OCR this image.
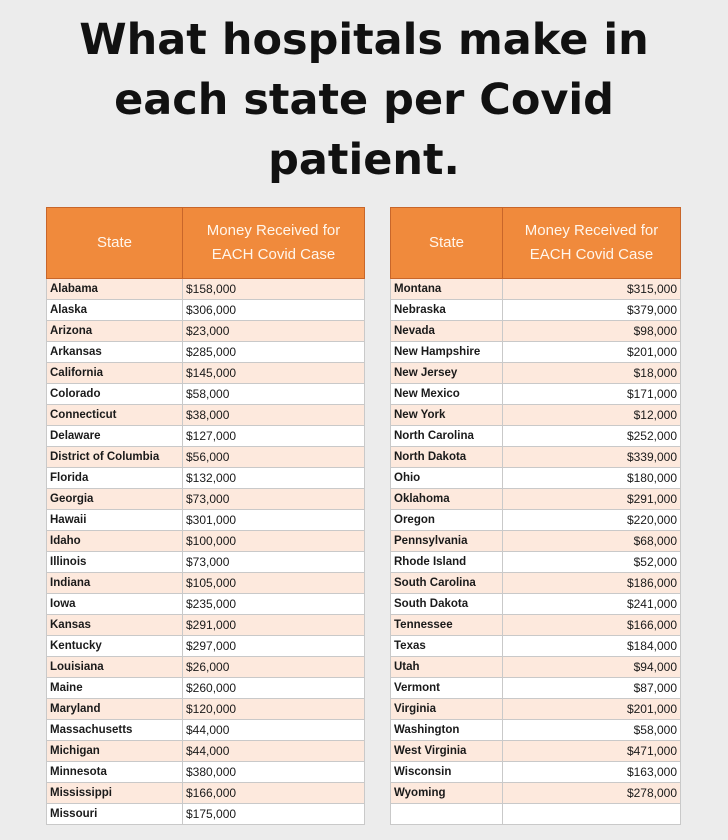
What hospitals make in
each state per Covid
patient.
State	Money Received for EACH Covid Case
Alabama	$158,000
Alaska	$306,000
Arizona	$23,000
Arkansas	$285,000
California	$145,000
Colorado	$58,000
Connecticut	$38,000
Delaware	$127,000
District of Columbia	$56,000
Florida	$132,000
Georgia	$73,000
Hawaii	$301,000
Idaho	$100,000
Illinois	$73,000
Indiana	$105,000
Iowa	$235,000
Kansas	$291,000
Kentucky	$297,000
Louisiana	$26,000
Maine	$260,000
Maryland	$120,000
Massachusetts	$44,000
Michigan	$44,000
Minnesota	$380,000
Mississippi	$166,000
Missouri	$175,000
State	Money Received for EACH Covid Case
Montana	$315,000
Nebraska	$379,000
Nevada	$98,000
New Hampshire	$201,000
New Jersey	$18,000
New Mexico	$171,000
New York	$12,000
North Carolina	$252,000
North Dakota	$339,000
Ohio	$180,000
Oklahoma	$291,000
Oregon	$220,000
Pennsylvania	$68,000
Rhode Island	$52,000
South Carolina	$186,000
South Dakota	$241,000
Tennessee	$166,000
Texas	$184,000
Utah	$94,000
Vermont	$87,000
Virginia	$201,000
Washington	$58,000
West Virginia	$471,000
Wisconsin	$163,000
Wyoming	$278,000
